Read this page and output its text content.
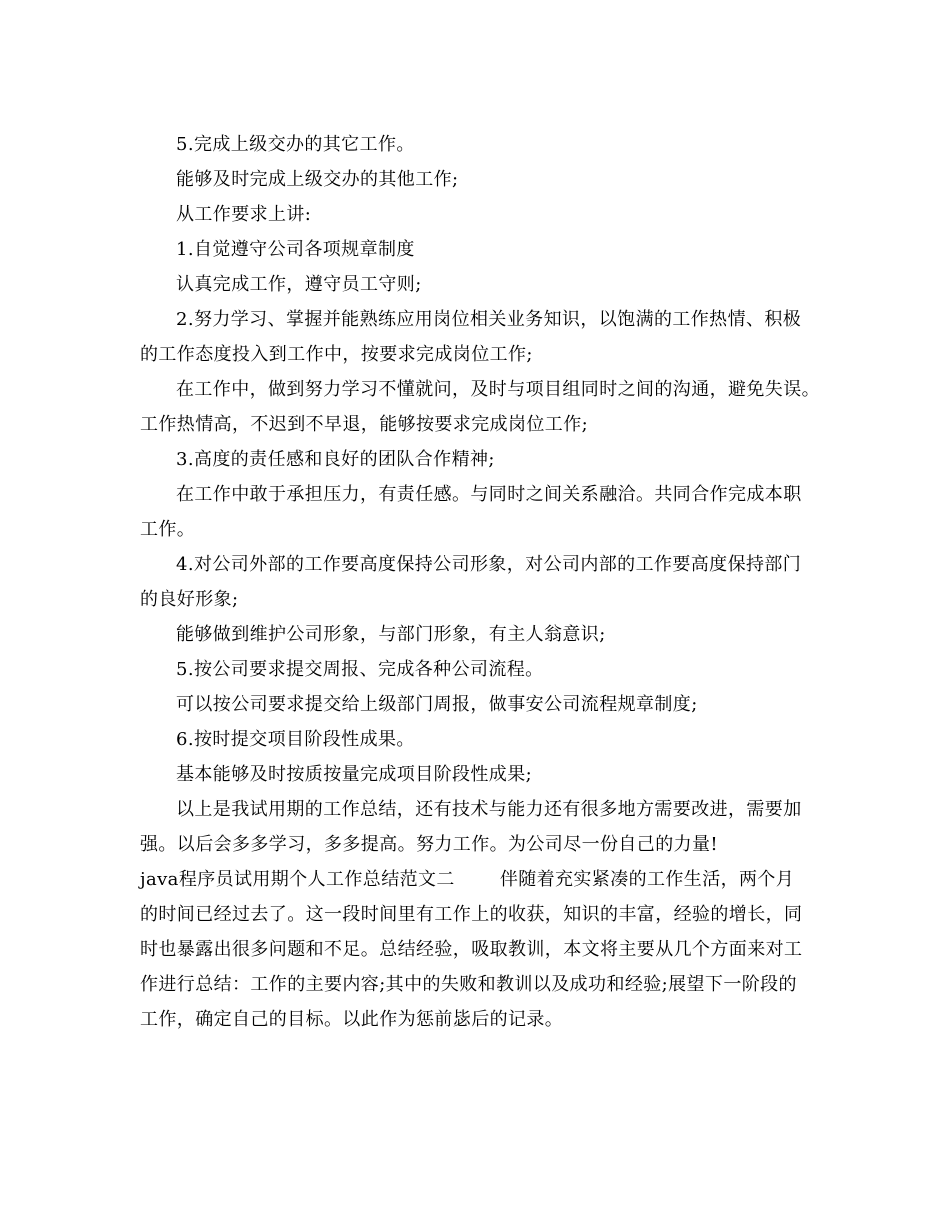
5.完成上级交办的其它工作。
能够及时完成上级交办的其他工作;
从工作要求上讲:
1.自觉遵守公司各项规章制度
认真完成工作，遵守员工守则;
2.努力学习、掌握并能熟练应用岗位相关业务知识，以饱满的工作热情、积极
的工作态度投入到工作中，按要求完成岗位工作;
在工作中，做到努力学习不懂就问，及时与项目组同时之间的沟通，避免失误。
工作热情高，不迟到不早退，能够按要求完成岗位工作;
3.高度的责任感和良好的团队合作精神;
在工作中敢于承担压力，有责任感。与同时之间关系融洽。共同合作完成本职
工作。
4.对公司外部的工作要高度保持公司形象，对公司内部的工作要高度保持部门
的良好形象;
能够做到维护公司形象，与部门形象，有主人翁意识;
5.按公司要求提交周报、完成各种公司流程。
可以按公司要求提交给上级部门周报，做事安公司流程规章制度;
6.按时提交项目阶段性成果。
基本能够及时按质按量完成项目阶段性成果;
以上是我试用期的工作总结，还有技术与能力还有很多地方需要改进，需要加
强。以后会多多学习，多多提高。努力工作。为公司尽一份自己的力量!
java程序员试用期个人工作总结范文二	伴随着充实紧凑的工作生活，两个月
的时间已经过去了。这一段时间里有工作上的收获，知识的丰富，经验的增长，同
时也暴露出很多问题和不足。总结经验，吸取教训，本文将主要从几个方面来对工
作进行总结：工作的主要内容;其中的失败和教训以及成功和经验;展望下一阶段的
工作，确定自己的目标。以此作为惩前毖后的记录。
